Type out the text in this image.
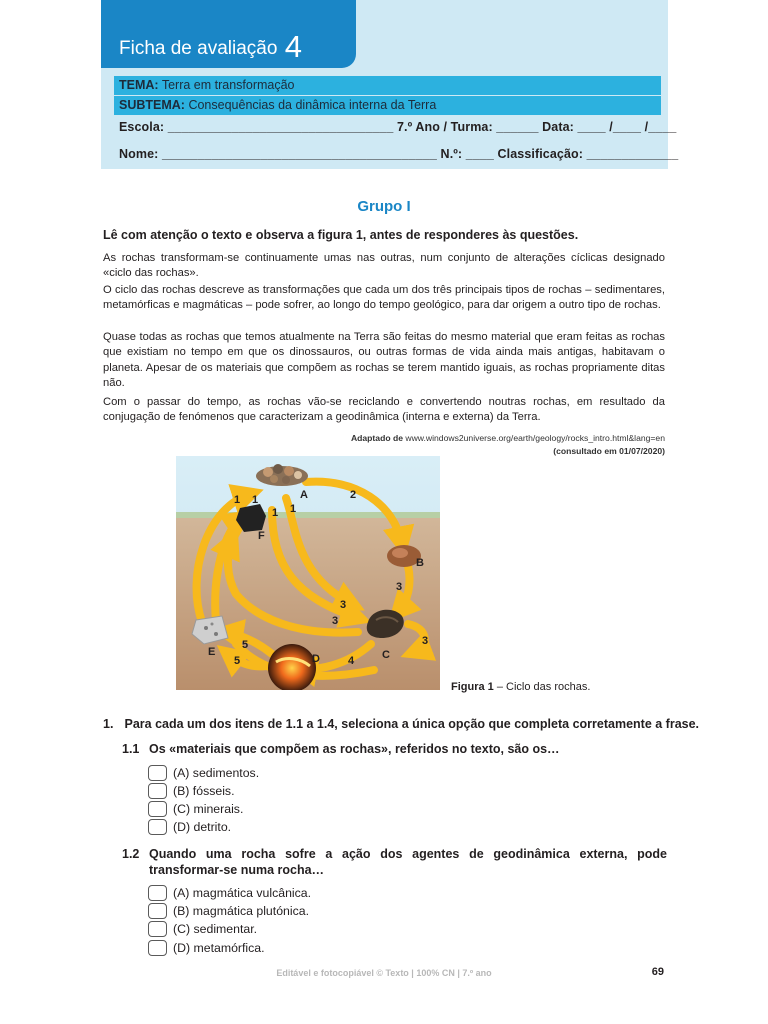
Ficha de avaliação 4
TEMA: Terra em transformação
SUBTEMA: Consequências da dinâmica interna da Terra
Escola: ________________________________ 7.º Ano / Turma: ______ Data: ____ /____ /____
Nome: _______________________________________ N.º: ____ Classificação: _____________
Grupo I
Lê com atenção o texto e observa a figura 1, antes de responderes às questões.

As rochas transformam-se continuamente umas nas outras, num conjunto de alterações cíclicas designado «ciclo das rochas».

O ciclo das rochas descreve as transformações que cada um dos três principais tipos de rochas – sedimentares, metamórficas e magmáticas – pode sofrer, ao longo do tempo geológico, para dar origem a outro tipo de rochas.

Quase todas as rochas que temos atualmente na Terra são feitas do mesmo material que eram feitas as rochas que existiam no tempo em que os dinossauros, ou outras formas de vida ainda mais antigas, habitavam o planeta. Apesar de os materiais que compõem as rochas se terem mantido iguais, as rochas propriamente ditas não.

Com o passar do tempo, as rochas vão-se reciclando e convertendo noutras rochas, em resultado da conjugação de fenómenos que caracterizam a geodinâmica (interna e externa) da Terra.

Adaptado de www.windows2universe.org/earth/geology/rocks_intro.html&lang=en
(consultado em 01/07/2020)
A
B
C
D
E
F
1 1
1 1
2
3
3
3
3
4
5
5
Figura 1 – Ciclo das rochas.
1. Para cada um dos itens de 1.1 a 1.4, seleciona a única opção que completa corretamente a frase.
1.1 Os «materiais que compõem as rochas», referidos no texto, são os…
(A) sedimentos.
(B) fósseis.
(C) minerais.
(D) detrito.
1.2 Quando uma rocha sofre a ação dos agentes de geodinâmica externa, pode transformar-se numa rocha…
(A) magmática vulcânica.
(B) magmática plutónica.
(C) sedimentar.
(D) metamórfica.
Editável e fotocopiável © Texto | 100% CN | 7.º ano	69
